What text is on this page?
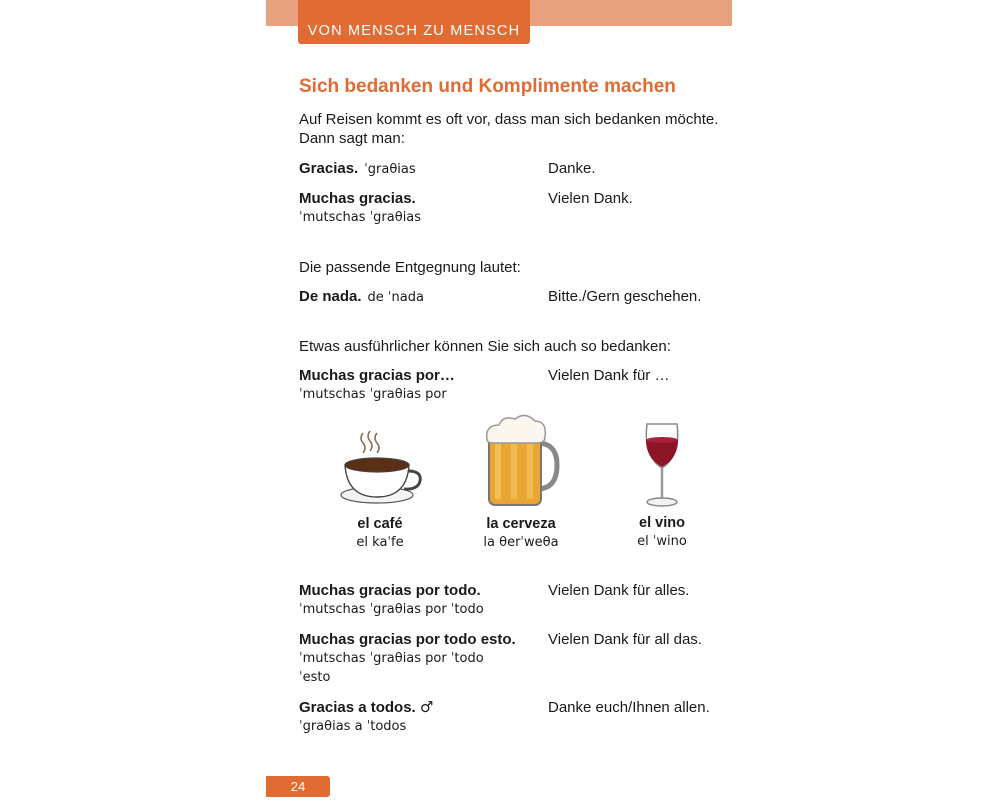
VON MENSCH ZU MENSCH
Sich bedanken und Komplimente machen
Auf Reisen kommt es oft vor, dass man sich bedanken möchte.
Dann sagt man:
Gracias. ˈgraθias	Danke.
Muchas gracias.
ˈmutschas ˈgraθias
Vielen Dank.
Die passende Entgegnung lautet:
De nada. de ˈnada	Bitte./Gern geschehen.
Etwas ausführlicher können Sie sich auch so bedanken:
Muchas gracias por…
ˈmutschas ˈgraθias por
Vielen Dank für …
el café
el kaˈfe
la cerveza
la θerˈweθa
el vino
el ˈwino
Muchas gracias por todo.
ˈmutschas ˈgraθias por ˈtodo
Vielen Dank für alles.
Muchas gracias por todo esto.
ˈmutschas ˈgraθias por ˈtodo
ˈesto
Vielen Dank für all das.
Gracias a todos. ♂
ˈgraθias a ˈtodos
Danke euch/Ihnen allen.
24
